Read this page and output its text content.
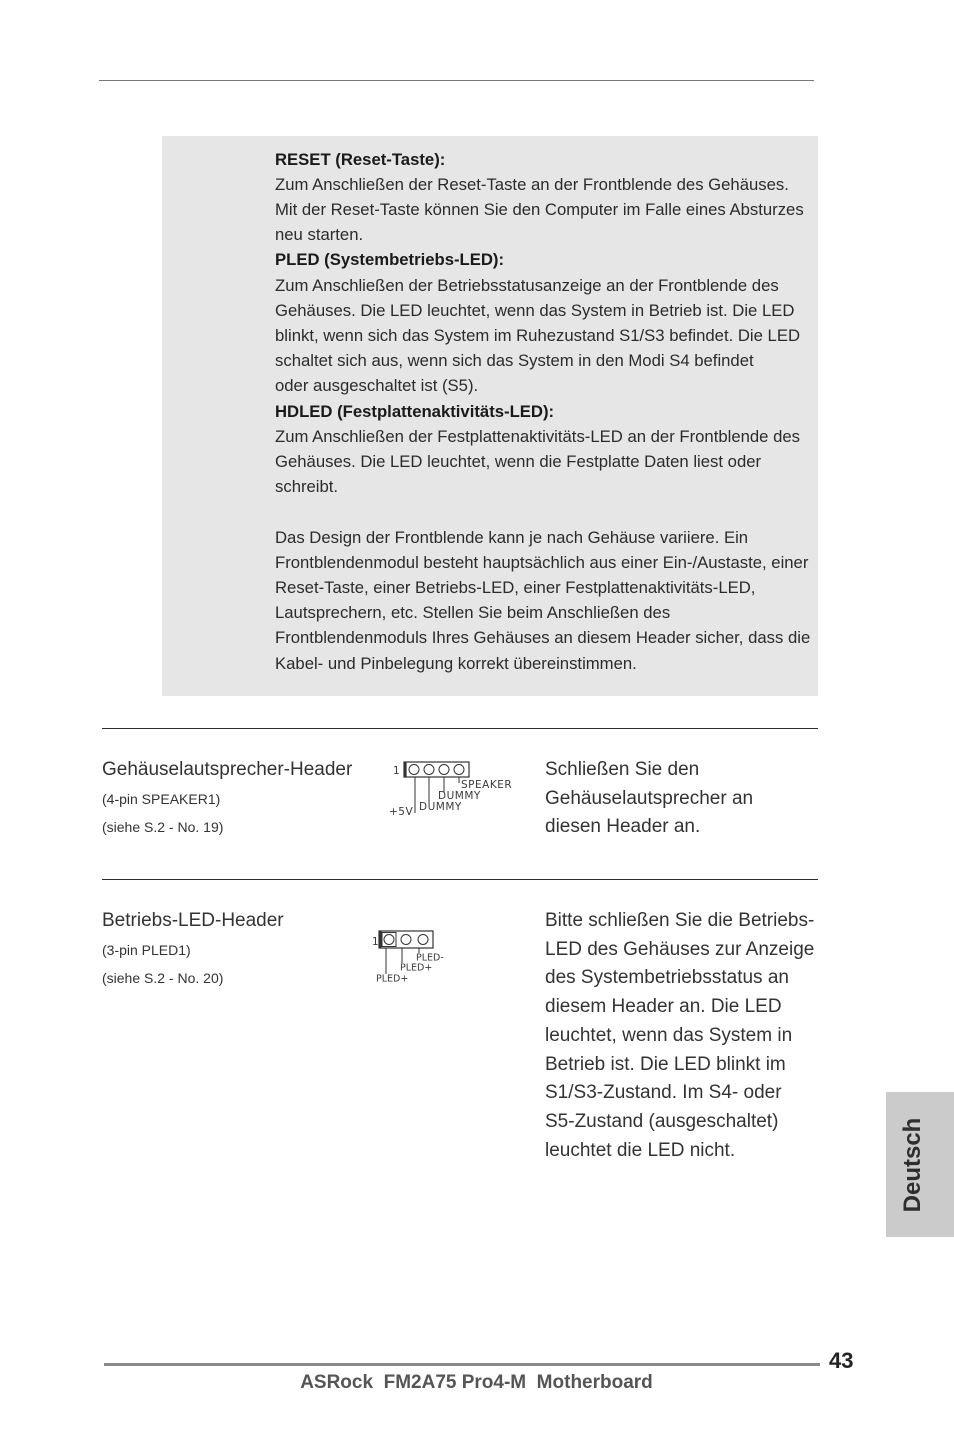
RESET (Reset-Taste):
Zum Anschließen der Reset-Taste an der Frontblende des Gehäuses.
Mit der Reset-Taste können Sie den Computer im Falle eines Absturzes
neu starten.
PLED (Systembetriebs-LED):
Zum Anschließen der Betriebsstatusanzeige an der Frontblende des
Gehäuses. Die LED leuchtet, wenn das System in Betrieb ist. Die LED
blinkt, wenn sich das System im Ruhezustand S1/S3 befindet. Die LED
schaltet sich aus, wenn sich das System in den Modi S4 befindet
oder ausgeschaltet ist (S5).
HDLED (Festplattenaktivitäts-LED):
Zum Anschließen der Festplattenaktivitäts-LED an der Frontblende des
Gehäuses. Die LED leuchtet, wenn die Festplatte Daten liest oder
schreibt.
Das Design der Frontblende kann je nach Gehäuse variiere. Ein
Frontblendenmodul besteht hauptsächlich aus einer Ein-/Austaste, einer
Reset-Taste, einer Betriebs-LED, einer Festplattenaktivitäts-LED,
Lautsprechern, etc. Stellen Sie beim Anschließen des
Frontblendenmoduls Ihres Gehäuses an diesem Header sicher, dass die
Kabel- und Pinbelegung korrekt übereinstimmen.
Gehäuselautsprecher-Header
(4-pin SPEAKER1)
(siehe S.2 - No. 19)
1
SPEAKER
DUMMY
DUMMY
+5V
Schließen Sie den
Gehäuselautsprecher an
diesen Header an.
Betriebs-LED-Header
(3-pin PLED1)
(siehe S.2 - No. 20)
1
PLED-
PLED+
PLED+
Bitte schließen Sie die Betriebs-
LED des Gehäuses zur Anzeige
des Systembetriebsstatus an
diesem Header an. Die LED
leuchtet, wenn das System in
Betrieb ist. Die LED blinkt im
S1/S3-Zustand. Im S4- oder
S5-Zustand (ausgeschaltet)
leuchtet die LED nicht.	Deutsch
43
ASRock  FM2A75 Pro4-M  Motherboard
